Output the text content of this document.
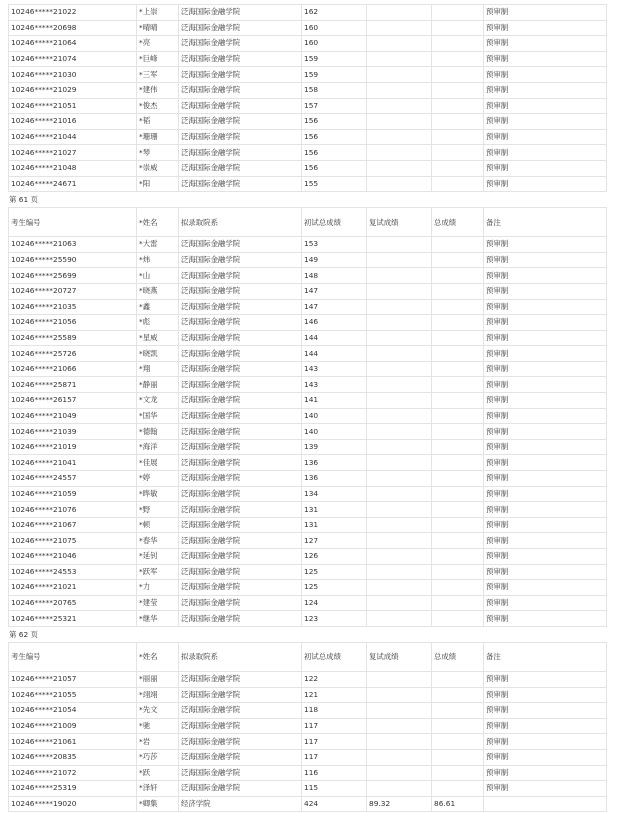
10246*****21022	*上崇	泛海国际金融学院	162			预审制
10246*****20698	*晴晴	泛海国际金融学院	160			预审制
10246*****21064	*亮	泛海国际金融学院	160			预审制
10246*****21074	*巨峰	泛海国际金融学院	159			预审制
10246*****21030	*三军	泛海国际金融学院	159			预审制
10246*****21029	*建伟	泛海国际金融学院	158			预审制
10246*****21051	*俊杰	泛海国际金融学院	157			预审制
10246*****21016	*韬	泛海国际金融学院	156			预审制
10246*****21044	*珊珊	泛海国际金融学院	156			预审制
10246*****21027	*琴	泛海国际金融学院	156			预审制
10246*****21048	*崇威	泛海国际金融学院	156			预审制
10246*****24671	*阳	泛海国际金融学院	155			预审制
第 61 页
考生编号	*姓名	拟录取院系	初试总成绩	复试成绩	总成绩	备注
10246*****21063	*大雷	泛海国际金融学院	153			预审制
10246*****25590	*炜	泛海国际金融学院	149			预审制
10246*****25699	*山	泛海国际金融学院	148			预审制
10246*****20727	*晓燕	泛海国际金融学院	147			预审制
10246*****21035	*鑫	泛海国际金融学院	147			预审制
10246*****21056	*彪	泛海国际金融学院	146			预审制
10246*****25589	*星威	泛海国际金融学院	144			预审制
10246*****25726	*晓凯	泛海国际金融学院	144			预审制
10246*****21066	*翔	泛海国际金融学院	143			预审制
10246*****25871	*静丽	泛海国际金融学院	143			预审制
10246*****26157	*文龙	泛海国际金融学院	141			预审制
10246*****21049	*国华	泛海国际金融学院	140			预审制
10246*****21039	*德翰	泛海国际金融学院	140			预审制
10246*****21019	*海洋	泛海国际金融学院	139			预审制
10246*****21041	*佳展	泛海国际金融学院	136			预审制
10246*****24557	*婷	泛海国际金融学院	136			预审制
10246*****21059	*晔敏	泛海国际金融学院	134			预审制
10246*****21076	*野	泛海国际金融学院	131			预审制
10246*****21067	*顿	泛海国际金融学院	131			预审制
10246*****21075	*春华	泛海国际金融学院	127			预审制
10246*****21046	*延钊	泛海国际金融学院	126			预审制
10246*****24553	*跃军	泛海国际金融学院	125			预审制
10246*****21021	*力	泛海国际金融学院	125			预审制
10246*****20765	*建莹	泛海国际金融学院	124			预审制
10246*****25321	*继华	泛海国际金融学院	123			预审制
第 62 页
考生编号	*姓名	拟录取院系	初试总成绩	复试成绩	总成绩	备注
10246*****21057	*丽丽	泛海国际金融学院	122			预审制
10246*****21055	*翊翊	泛海国际金融学院	121			预审制
10246*****21054	*先文	泛海国际金融学院	118			预审制
10246*****21009	*驰	泛海国际金融学院	117			预审制
10246*****21061	*岩	泛海国际金融学院	117			预审制
10246*****20835	*巧莎	泛海国际金融学院	117			预审制
10246*****21072	*跃	泛海国际金融学院	116			预审制
10246*****25319	*泽轩	泛海国际金融学院	115			预审制
10246*****19020	*卿集	经济学院	424	89.32	86.61	
